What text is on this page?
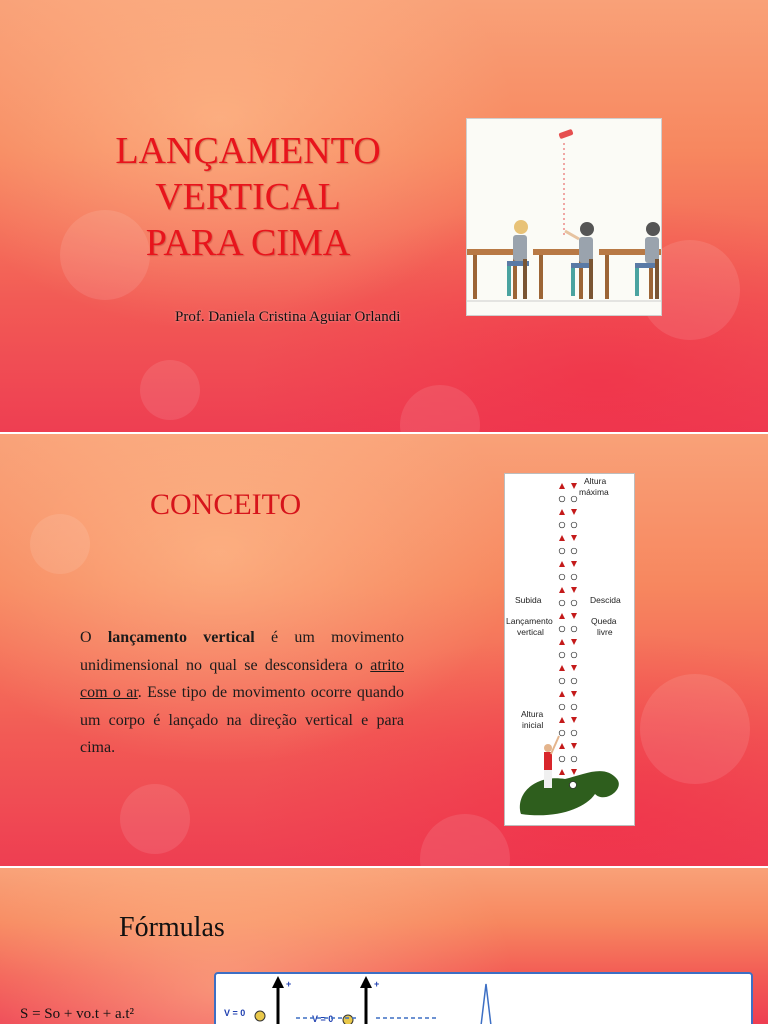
LANÇAMENTO
VERTICAL
PARA CIMA
Prof. Daniela Cristina Aguiar Orlandi
CONCEITO
O lançamento vertical é um movimento unidimensional no qual se desconsidera o atrito com o ar. Esse tipo de movimento ocorre quando um corpo é lançado na direção vertical e para cima.
Altura
máxima
Subida	Descida
Lançamento
vertical
Queda
livre
Altura
inicial
Fórmulas
S = So + vo.t + a.t²
+	+
V = 0
V = 0
